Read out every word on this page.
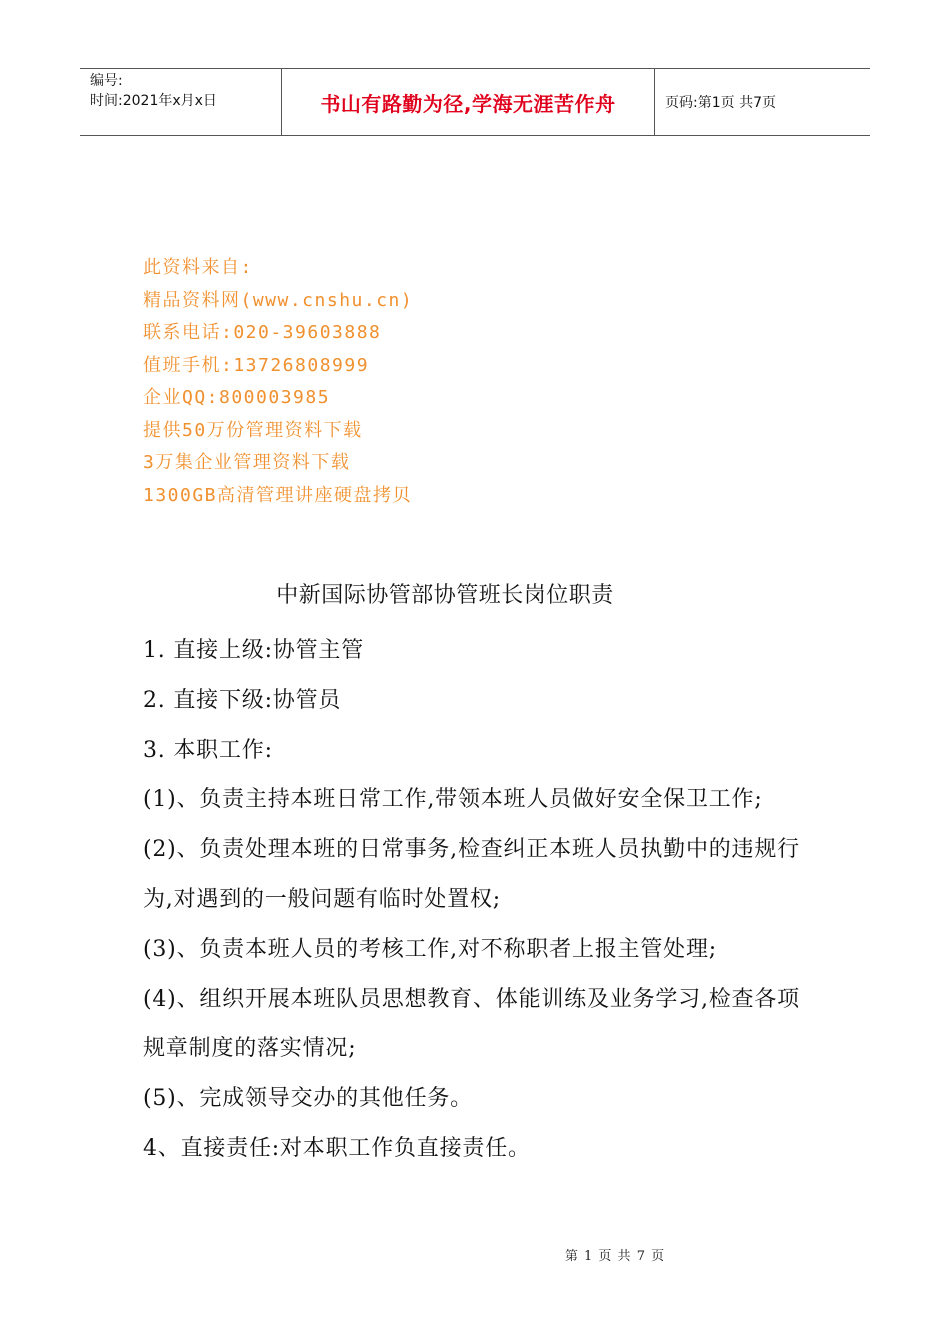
编号:
时间:2021年x月x日	书山有路勤为径,学海无涯苦作舟	页码:第1页 共7页
此资料来自:
精品资料网(www.cnshu.cn)
联系电话:020-39603888
值班手机:13726808999
企业QQ:800003985
提供50万份管理资料下载
3万集企业管理资料下载
1300GB高清管理讲座硬盘拷贝
中新国际协管部协管班长岗位职责

1. 直接上级:协管主管

2. 直接下级:协管员

3. 本职工作:

(1)、负责主持本班日常工作,带领本班人员做好安全保卫工作;

(2)、负责处理本班的日常事务,检查纠正本班人员执勤中的违规行为,对遇到的一般问题有临时处置权;

(3)、负责本班人员的考核工作,对不称职者上报主管处理;

(4)、组织开展本班队员思想教育、体能训练及业务学习,检查各项规章制度的落实情况;

(5)、完成领导交办的其他任务。

4、直接责任:对本职工作负直接责任。

第 1 页 共 7 页
